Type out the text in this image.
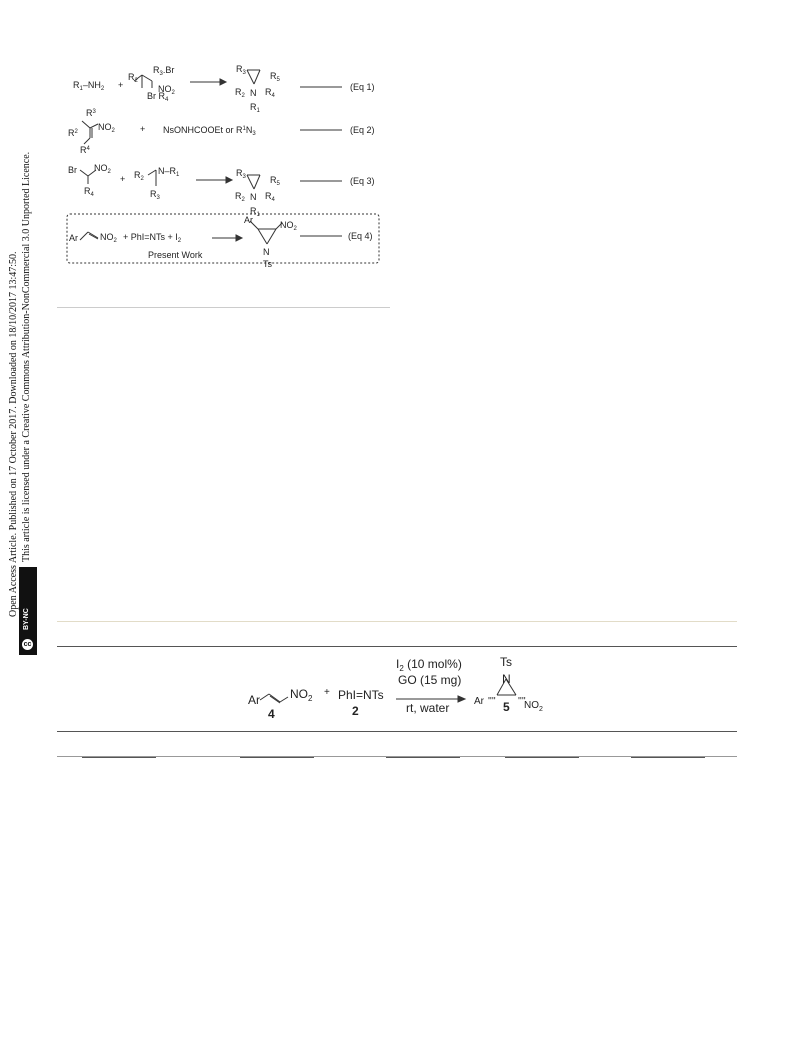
Open Access Article. Published on 17 October 2017. Downloaded on 18/10/2017 13:47:50. This article is licensed under a Creative Commons Attribution-NonCommercial 3.0 Unported Licence.
BY-NC
cc
$R_1-NH_2$ +
$R_2$
$R_3.Br$
Br $R_4$
$NO_2$
$R_3$	$R_5$
$R_2$ N $R_4$
$R_1$
(Eq 1)
$R^3$
$R^2$ $NO_2$
$R^4$
+ NsONHCOOEt or $R^1N_3$	(Eq 2)
Br $NO_2$
$R_4$
+ $R_2$
$N-R_1$
$R_3$
$R_3$	$R_5$
$R_2$ N $R_4$
$R_1$
(Eq 3)
Ar $NO_2 + PhI=NTs + I_2$
Ar	$NO_2$
N
Ts
(Eq 4)
Present Work
Ar	$NO_2$
4
+ PhI=NTs
2
$I_2$ (10 mol%)
GO (15 mg)
rt, water
Ts
N
Ar '''' ''''
5 $NO_2$
